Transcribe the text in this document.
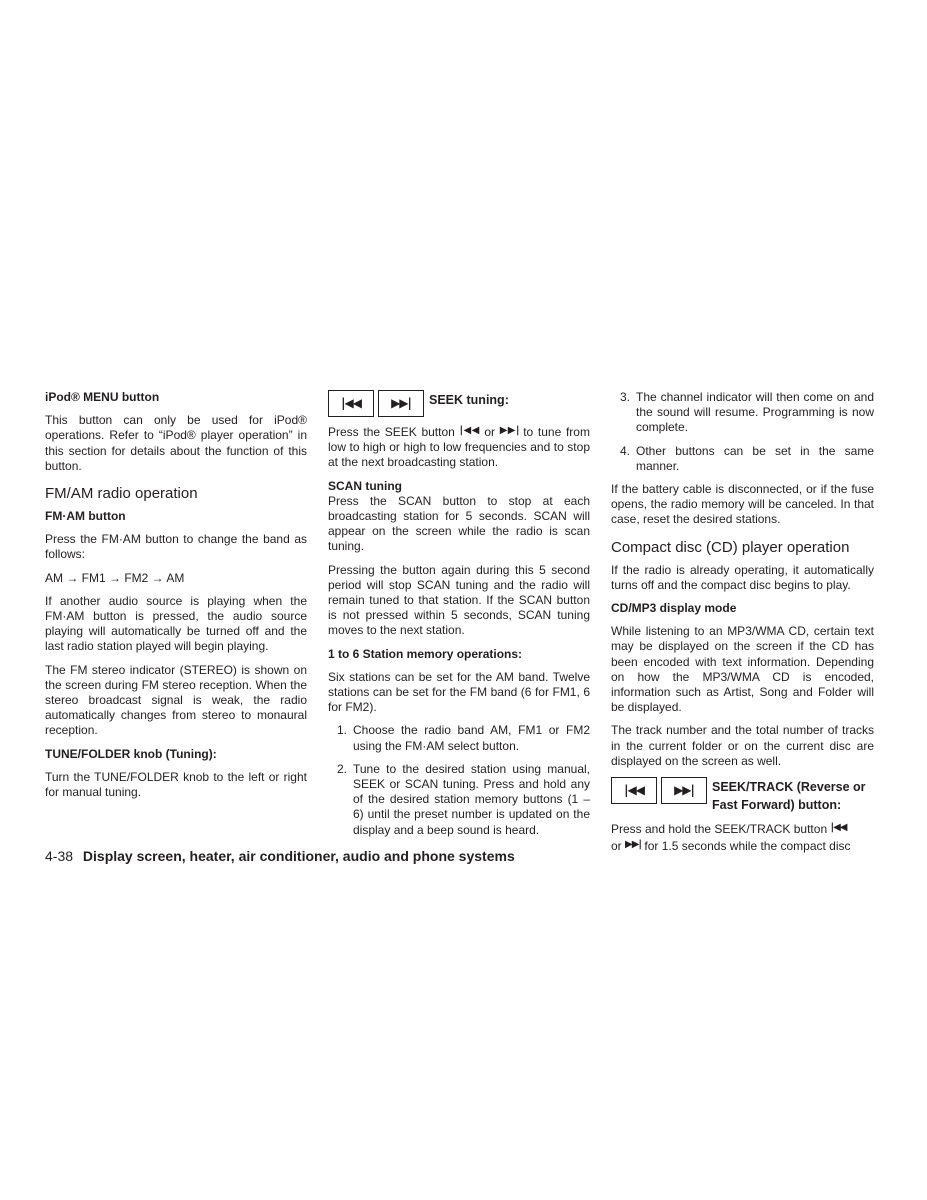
iPod® MENU button
This button can only be used for iPod® operations. Refer to “iPod® player operation” in this section for details about the function of this button.
FM/AM radio operation
FM·AM button
Press the FM·AM button to change the band as follows:
AM → FM1 → FM2 → AM
If another audio source is playing when the FM·AM button is pressed, the audio source playing will automatically be turned off and the last radio station played will begin playing.
The FM stereo indicator (STEREO) is shown on the screen during FM stereo reception. When the stereo broadcast signal is weak, the radio automatically changes from stereo to monaural reception.
TUNE/FOLDER knob (Tuning):
Turn the TUNE/FOLDER knob to the left or right for manual tuning.
|◀◀	▶▶|	SEEK tuning:
Press the SEEK button |◀◀ or ▶▶| to tune from low to high or high to low frequencies and to stop at the next broadcasting station.
SCAN tuning
Press the SCAN button to stop at each broadcasting station for 5 seconds. SCAN will appear on the screen while the radio is scan tuning.
Pressing the button again during this 5 second period will stop SCAN tuning and the radio will remain tuned to that station. If the SCAN button is not pressed within 5 seconds, SCAN tuning moves to the next station.
1 to 6 Station memory operations:
Six stations can be set for the AM band. Twelve stations can be set for the FM band (6 for FM1, 6 for FM2).
1. Choose the radio band AM, FM1 or FM2 using the FM·AM select button.
2. Tune to the desired station using manual, SEEK or SCAN tuning. Press and hold any of the desired station memory buttons (1 – 6) until the preset number is updated on the display and a beep sound is heard.
3. The channel indicator will then come on and the sound will resume. Programming is now complete.
4. Other buttons can be set in the same manner.
If the battery cable is disconnected, or if the fuse opens, the radio memory will be canceled. In that case, reset the desired stations.
Compact disc (CD) player operation
If the radio is already operating, it automatically turns off and the compact disc begins to play.
CD/MP3 display mode
While listening to an MP3/WMA CD, certain text may be displayed on the screen if the CD has been encoded with text information. Depending on how the MP3/WMA CD is encoded, information such as Artist, Song and Folder will be displayed.
The track number and the total number of tracks in the current folder or on the current disc are displayed on the screen as well.
|◀◀	▶▶|	SEEK/TRACK (Reverse or
Fast Forward) button:
Press and hold the SEEK/TRACK button |◀◀
or ▶▶| for 1.5 seconds while the compact disc
4-38 Display screen, heater, air conditioner, audio and phone systems
